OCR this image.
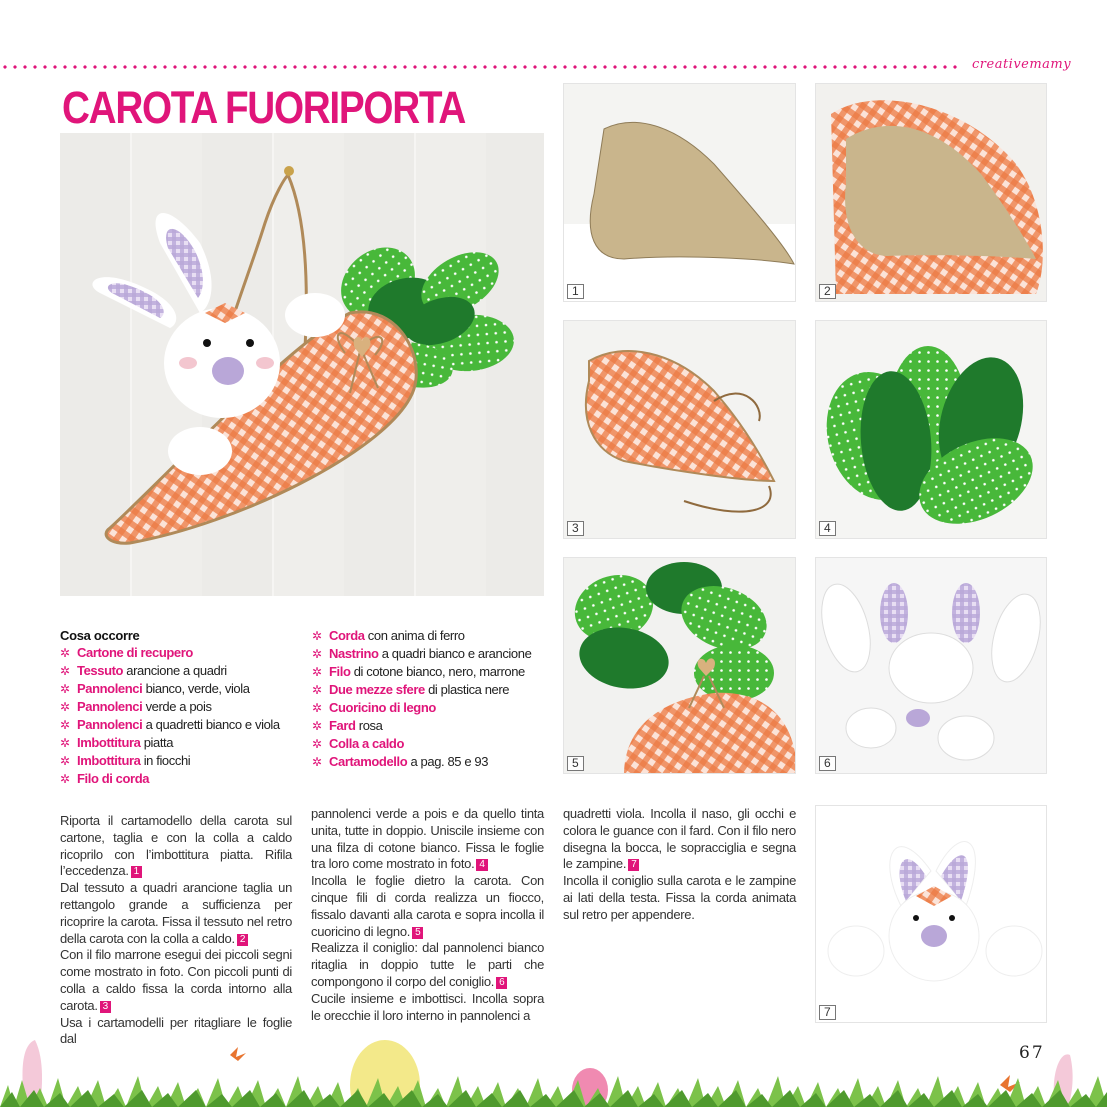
creativemamy
CAROTA FUORIPORTA
1	2
3	4
5	6
7
Cosa occorre
✲ Cartone di recupero
✲ Tessuto arancione a quadri
✲ Pannolenci bianco, verde, viola
✲ Pannolenci verde a pois
✲ Pannolenci a quadretti bianco e viola
✲ Imbottitura piatta
✲ Imbottitura in fiocchi
✲ Filo di corda
✲ Corda con anima di ferro
✲ Nastrino a quadri bianco e arancione
✲ Filo di cotone bianco, nero, marrone
✲ Due mezze sfere di plastica nere
✲ Cuoricino di legno
✲ Fard rosa
✲ Colla a caldo
✲ Cartamodello a pag. 85 e 93

Riporta il cartamodello della carota sul cartone, taglia e con la colla a caldo ricoprilo con l’imbottitura piatta. Rifila l’eccedenza. 1

Dal tessuto a quadri arancione taglia un rettangolo grande a sufficienza per ricoprire la carota. Fissa il tessuto nel retro della carota con la colla a caldo. 2

Con il filo marrone esegui dei piccoli segni come mostrato in foto. Con piccoli punti di colla a caldo fissa la corda intorno alla carota. 3

Usa i cartamodelli per ritagliare le foglie dal

pannolenci verde a pois e da quello tinta unita, tutte in doppio. Uniscile insieme con una filza di cotone bianco. Fissa le foglie tra loro come mostrato in foto. 4

Incolla le foglie dietro la carota. Con cinque fili di corda realizza un fiocco, fissalo davanti alla carota e sopra incolla il cuoricino di legno. 5

Realizza il coniglio: dal pannolenci bianco ritaglia in doppio tutte le parti che compongono il corpo del coniglio. 6

Cucile insieme e imbottisci. Incolla sopra le orecchie il loro interno in pannolenci a

quadretti viola. Incolla il naso, gli occhi e colora le guance con il fard. Con il filo nero disegna la bocca, le sopracciglia e segna le zampine. 7

Incolla il coniglio sulla carota e le zampine ai lati della testa. Fissa la corda animata sul retro per appendere.

67
